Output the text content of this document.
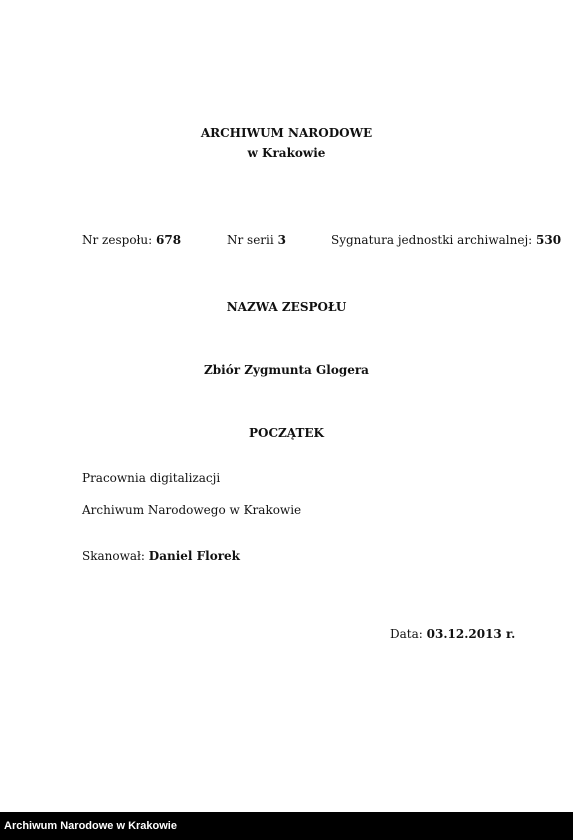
ARCHIWUM NARODOWE
w Krakowie
Nr zespołu: 678	Nr serii 3	Sygnatura jednostki archiwalnej: 530
NAZWA ZESPOŁU
Zbiór Zygmunta Glogera
POCZĄTEK
Pracownia digitalizacji
Archiwum Narodowego w Krakowie
Skanował: Daniel Florek
Data: 03.12.2013 r.
Archiwum Narodowe w Krakowie
